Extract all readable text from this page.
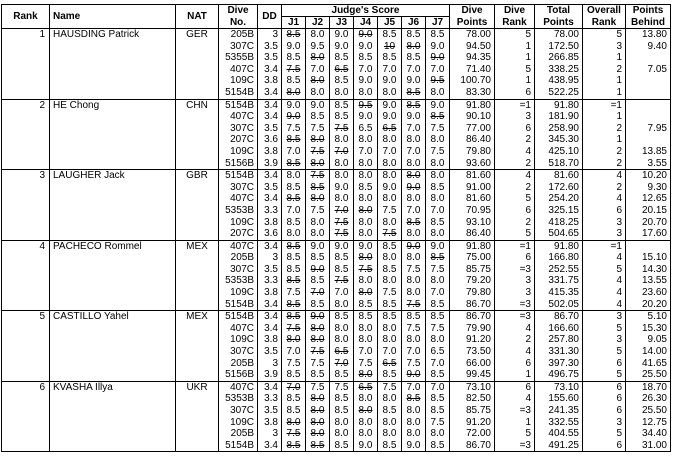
Rank	Name	NAT	Dive	DD	Judge's Score							Dive	Dive	Total	Overall	Points
			No.		J1	J2	J3	J4	J5	J6	J7	Points	Rank	Points	Rank	Behind
1	HAUSDING Patrick	GER	205B	3	8.5	8.0	9.0	9.0	8.5	8.5	8.5	78.00	5	78.00	5	13.80
			307C	3.5	9.0	9.5	9.0	9.0	10	8.0	9.0	94.50	1	172.50	3	9.40
			5355B	3.5	8.5	8.0	8.5	8.5	8.5	8.5	9.0	94.35	1	266.85	1	
			407C	3.4	7.5	7.0	6.5	7.0	7.0	7.0	7.0	71.40	5	338.25	2	7.05
			109C	3.8	8.5	8.0	8.5	9.0	9.0	9.0	9.5	100.70	1	438.95	1	
			5154B	3.4	8.0	8.0	8.0	8.0	8.0	8.5	8.0	83.30	6	522.25	1	
2	HE Chong	CHN	5154B	3.4	9.0	9.0	8.5	9.5	9.0	8.5	9.0	91.80	=1	91.80	=1	
			407C	3.4	9.0	8.5	8.5	9.0	9.0	9.0	8.5	90.10	3	181.90	1	
			307C	3.5	7.5	7.5	7.5	6.5	6.5	7.0	7.5	77.00	6	258.90	2	7.95
			207C	3.6	8.5	8.0	8.0	8.0	8.0	8.0	8.0	86.40	2	345.30	1	
			109C	3.8	7.0	7.5	7.0	7.0	7.0	7.0	7.5	79.80	4	425.10	2	13.85
			5156B	3.9	8.5	8.0	8.0	8.0	8.0	8.0	8.0	93.60	2	518.70	2	3.55
3	LAUGHER Jack	GBR	5154B	3.4	8.0	7.5	8.0	8.0	8.0	8.0	8.0	81.60	4	81.60	4	10.20
			307C	3.5	8.5	8.5	9.0	8.5	9.0	9.0	8.5	91.00	2	172.60	2	9.30
			407C	3.4	8.5	8.0	8.0	8.0	8.0	8.0	8.0	81.60	5	254.20	4	12.65
			5353B	3.3	7.0	7.5	7.0	8.0	7.5	7.0	7.0	70.95	6	325.15	6	20.15
			109C	3.8	8.5	8.0	7.5	8.0	8.0	8.5	8.5	93.10	2	418.25	3	20.70
			207C	3.6	8.0	8.0	7.5	8.0	7.5	8.0	8.0	86.40	5	504.65	3	17.60
4	PACHECO Rommel	MEX	407C	3.4	8.5	9.0	9.0	9.0	8.5	9.0	9.0	91.80	=1	91.80	=1	
			205B	3	8.5	8.5	8.5	8.0	8.0	8.0	8.5	75.00	6	166.80	4	15.10
			307C	3.5	8.5	9.0	8.5	7.5	8.5	7.5	7.5	85.75	=3	252.55	5	14.30
			5353B	3.3	8.5	8.5	7.5	8.0	8.0	8.0	8.0	79.20	3	331.75	4	13.55
			109C	3.8	7.5	7.0	7.0	8.0	7.5	8.0	7.0	79.80	3	415.35	4	23.60
			5154B	3.4	8.5	8.5	8.0	8.5	8.5	7.5	8.5	86.70	=3	502.05	4	20.20
5	CASTILLO Yahel	MEX	5154B	3.4	8.5	9.0	8.5	8.5	8.5	8.5	8.5	86.70	=3	86.70	3	5.10
			407C	3.4	7.5	8.0	8.0	8.0	8.0	7.5	7.5	79.90	4	166.60	5	15.30
			109C	3.8	8.0	8.0	8.0	8.0	8.0	8.0	8.0	91.20	2	257.80	3	9.05
			307C	3.5	7.0	7.5	6.5	7.0	7.0	7.0	6.5	73.50	4	331.30	5	14.00
			205B	3	7.5	7.5	7.0	7.5	6.5	7.5	7.0	66.00	6	397.30	6	41.65
			5156B	3.9	8.5	8.5	8.5	8.0	8.5	9.0	8.5	99.45	1	496.75	5	25.50
6	KVASHA Illya	UKR	407C	3.4	7.0	7.5	7.5	6.5	7.5	7.0	7.0	73.10	6	73.10	6	18.70
			5353B	3.3	8.5	8.0	8.5	8.0	8.0	8.5	8.5	82.50	4	155.60	6	26.30
			307C	3.5	8.5	8.0	8.5	8.0	8.5	8.0	8.5	85.75	=3	241.35	6	25.50
			109C	3.8	8.0	8.0	8.0	8.0	8.0	8.0	7.5	91.20	1	332.55	3	12.75
			205B	3	7.5	8.0	8.0	8.0	8.0	8.0	8.0	72.00	5	404.55	5	34.40
			5154B	3.4	8.5	8.5	8.5	9.0	8.5	9.0	8.5	86.70	=3	491.25	6	31.00
